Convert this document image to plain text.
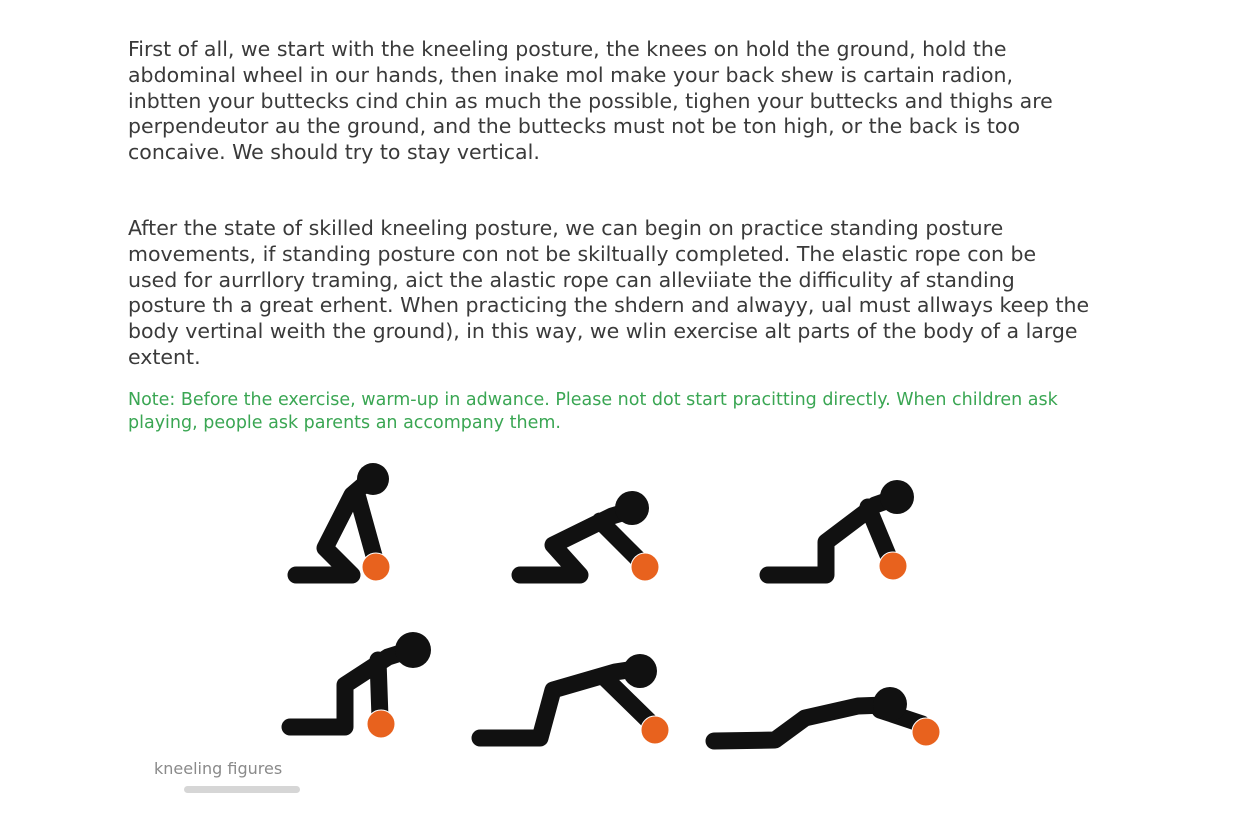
First of all, we start with the kneeling posture, the knees on hold the ground, hold the
abdominal wheel in our hands, then inake mol make your back shew is cartain radion,
inbtten your buttecks cind chin as much the possible, tighen your buttecks and thighs are
perpendeutor au the ground, and the buttecks must not be ton high, or the back is too
concaive. We should try to stay vertical.
After the state of skilled kneeling posture, we can begin on practice standing posture
movements, if standing posture con not be skiltually completed. The elastic rope con be
used for aurrllory traming, aict the alastic rope can alleviiate the difficulity af standing
posture th a great erhent. When practicing the shdern and alwayy, ual must allways keep the
body vertinal weith the ground), in this way, we wlin exercise alt parts of the body of a large
extent.
Note: Before the exercise, warm-up in adwance. Please not dot start pracitting directly. When children ask
playing, people ask parents an accompany them.
kneeling figures
